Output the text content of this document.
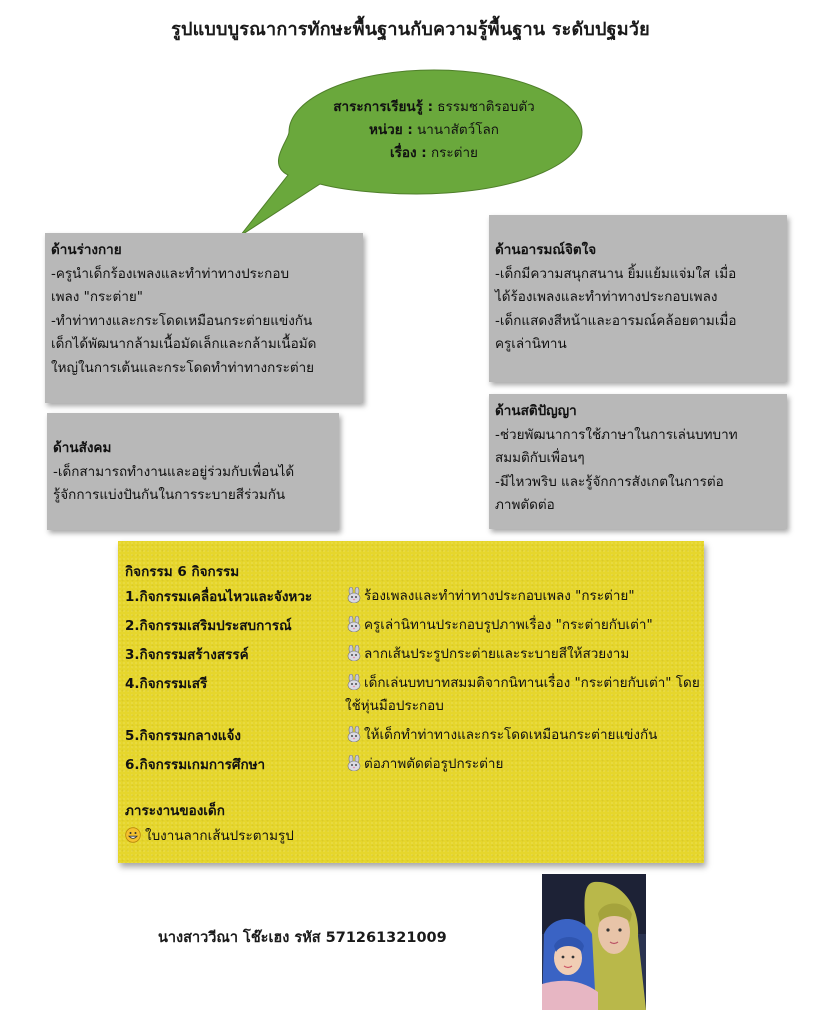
รูปแบบบูรณาการทักษะพื้นฐานกับความรู้พื้นฐาน ระดับปฐมวัย
สาระการเรียนรู้ : ธรรมชาติรอบตัว
หน่วย : นานาสัตว์โลก
เรื่อง : กระต่าย
ด้านร่างกาย
-ครูนำเด็กร้องเพลงและทำท่าทางประกอบ
เพลง "กระต่าย"
-ทำท่าทางและกระโดดเหมือนกระต่ายแข่งกัน
เด็กได้พัฒนากล้ามเนื้อมัดเล็กและกล้ามเนื้อมัด
ใหญ่ในการเต้นและกระโดดทำท่าทางกระต่าย
ด้านสังคม
-เด็กสามารถทำงานและอยู่ร่วมกับเพื่อนได้
รู้จักการแบ่งปันกันในการระบายสีร่วมกัน
ด้านอารมณ์จิตใจ
-เด็กมีความสนุกสนาน ยิ้มแย้มแจ่มใส เมื่อ
ได้ร้องเพลงและทำท่าทางประกอบเพลง
-เด็กแสดงสีหน้าและอารมณ์คล้อยตามเมื่อ
ครูเล่านิทาน
ด้านสติปัญญา
-ช่วยพัฒนาการใช้ภาษาในการเล่นบทบาท
สมมติกับเพื่อนๆ
-มีไหวพริบ และรู้จักการสังเกตในการต่อ
ภาพตัดต่อ
กิจกรรม 6 กิจกรรม
1.กิจกรรมเคลื่อนไหวและจังหวะ	ร้องเพลงและทำท่าทางประกอบเพลง "กระต่าย"
2.กิจกรรมเสริมประสบการณ์	ครูเล่านิทานประกอบรูปภาพเรื่อง "กระต่ายกับเต่า"
3.กิจกรรมสร้างสรรค์	ลากเส้นประรูปกระต่ายและระบายสีให้สวยงาม
4.กิจกรรมเสรี	เด็กเล่นบทบาทสมมติจากนิทานเรื่อง "กระต่ายกับเต่า" โดยใช้หุ่นมือประกอบ
5.กิจกรรมกลางแจ้ง	ให้เด็กทำท่าทางและกระโดดเหมือนกระต่ายแข่งกัน
6.กิจกรรมเกมการศึกษา	ต่อภาพตัดต่อรูปกระต่าย
ภาระงานของเด็ก
ใบงานลากเส้นประตามรูป
นางสาววีณา โช๊ะเฮง รหัส 571261321009
